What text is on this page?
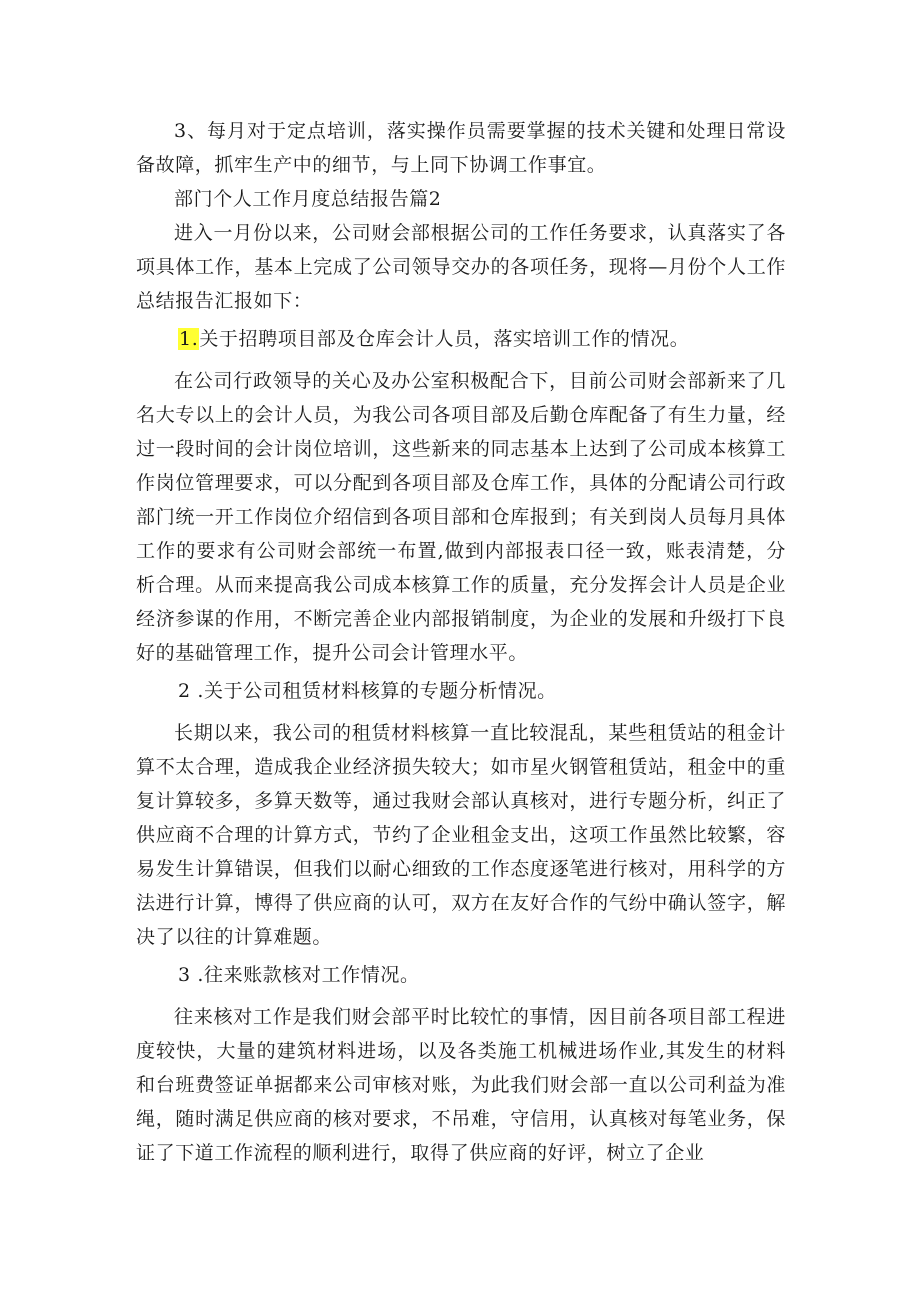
3、每月对于定点培训，落实操作员需要掌握的技术关键和处理日常设备故障，抓牢生产中的细节，与上同下协调工作事宜。

部门个人工作月度总结报告篇2

进入一月份以来，公司财会部根据公司的工作任务要求，认真落实了各项具体工作，基本上完成了公司领导交办的各项任务，现将—月份个人工作总结报告汇报如下：

1.关于招聘项目部及仓库会计人员，落实培训工作的情况。

在公司行政领导的关心及办公室积极配合下，目前公司财会部新来了几名大专以上的会计人员，为我公司各项目部及后勤仓库配备了有生力量，经过一段时间的会计岗位培训，这些新来的同志基本上达到了公司成本核算工作岗位管理要求，可以分配到各项目部及仓库工作，具体的分配请公司行政部门统一开工作岗位介绍信到各项目部和仓库报到；有关到岗人员每月具体工作的要求有公司财会部统一布置,做到内部报表口径一致，账表清楚，分析合理。从而来提高我公司成本核算工作的质量，充分发挥会计人员是企业经济参谋的作用，不断完善企业内部报销制度，为企业的发展和升级打下良好的基础管理工作，提升公司会计管理水平。

2 .关于公司租赁材料核算的专题分析情况。

长期以来，我公司的租赁材料核算一直比较混乱，某些租赁站的租金计算不太合理，造成我企业经济损失较大；如市星火钢管租赁站，租金中的重复计算较多，多算天数等，通过我财会部认真核对，进行专题分析，纠正了供应商不合理的计算方式，节约了企业租金支出，这项工作虽然比较繁，容易发生计算错误，但我们以耐心细致的工作态度逐笔进行核对，用科学的方法进行计算，博得了供应商的认可，双方在友好合作的气纷中确认签字，解决了以往的计算难题。

3 .往来账款核对工作情况。

往来核对工作是我们财会部平时比较忙的事情，因目前各项目部工程进度较快，大量的建筑材料进场，以及各类施工机械进场作业,其发生的材料和台班费签证单据都来公司审核对账，为此我们财会部一直以公司利益为准绳，随时满足供应商的核对要求，不吊难，守信用，认真核对每笔业务，保证了下道工作流程的顺利进行，取得了供应商的好评，树立了企业
